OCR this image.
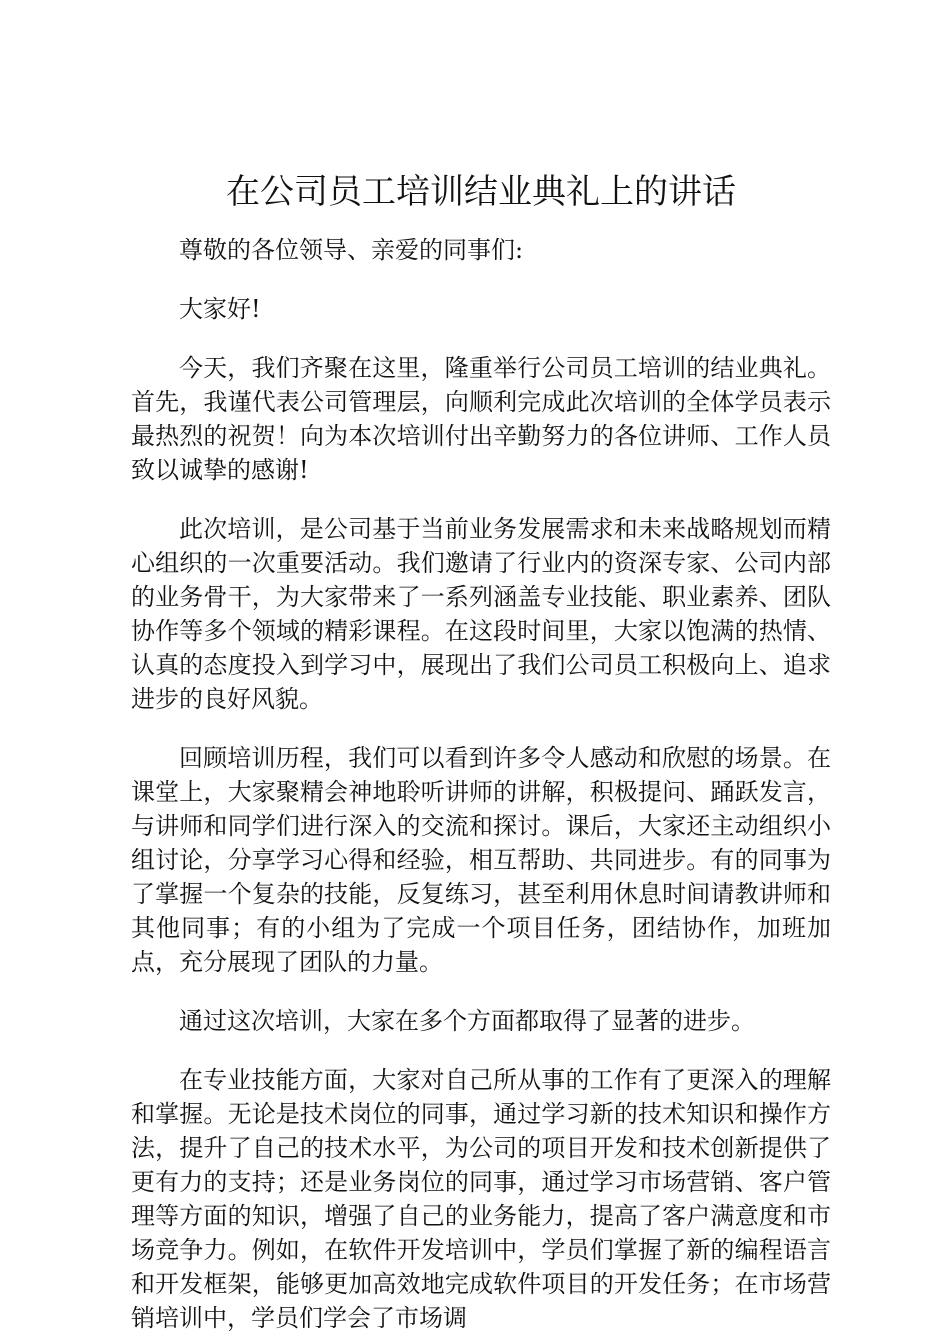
在公司员工培训结业典礼上的讲话

尊敬的各位领导、亲爱的同事们:

大家好!

今天，我们齐聚在这里，隆重举行公司员工培训的结业典礼。首先，我谨代表公司管理层，向顺利完成此次培训的全体学员表示最热烈的祝贺！向为本次培训付出辛勤努力的各位讲师、工作人员致以诚挚的感谢!

此次培训，是公司基于当前业务发展需求和未来战略规划而精心组织的一次重要活动。我们邀请了行业内的资深专家、公司内部的业务骨干，为大家带来了一系列涵盖专业技能、职业素养、团队协作等多个领域的精彩课程。在这段时间里，大家以饱满的热情、认真的态度投入到学习中，展现出了我们公司员工积极向上、追求进步的良好风貌。

回顾培训历程，我们可以看到许多令人感动和欣慰的场景。在课堂上，大家聚精会神地聆听讲师的讲解，积极提问、踊跃发言，与讲师和同学们进行深入的交流和探讨。课后，大家还主动组织小组讨论，分享学习心得和经验，相互帮助、共同进步。有的同事为了掌握一个复杂的技能，反复练习，甚至利用休息时间请教讲师和其他同事；有的小组为了完成一个项目任务，团结协作，加班加点，充分展现了团队的力量。

通过这次培训，大家在多个方面都取得了显著的进步。

在专业技能方面，大家对自己所从事的工作有了更深入的理解和掌握。无论是技术岗位的同事，通过学习新的技术知识和操作方法，提升了自己的技术水平，为公司的项目开发和技术创新提供了更有力的支持；还是业务岗位的同事，通过学习市场营销、客户管理等方面的知识，增强了自己的业务能力，提高了客户满意度和市场竞争力。例如，在软件开发培训中，学员们掌握了新的编程语言和开发框架，能够更加高效地完成软件项目的开发任务；在市场营销培训中，学员们学会了市场调
